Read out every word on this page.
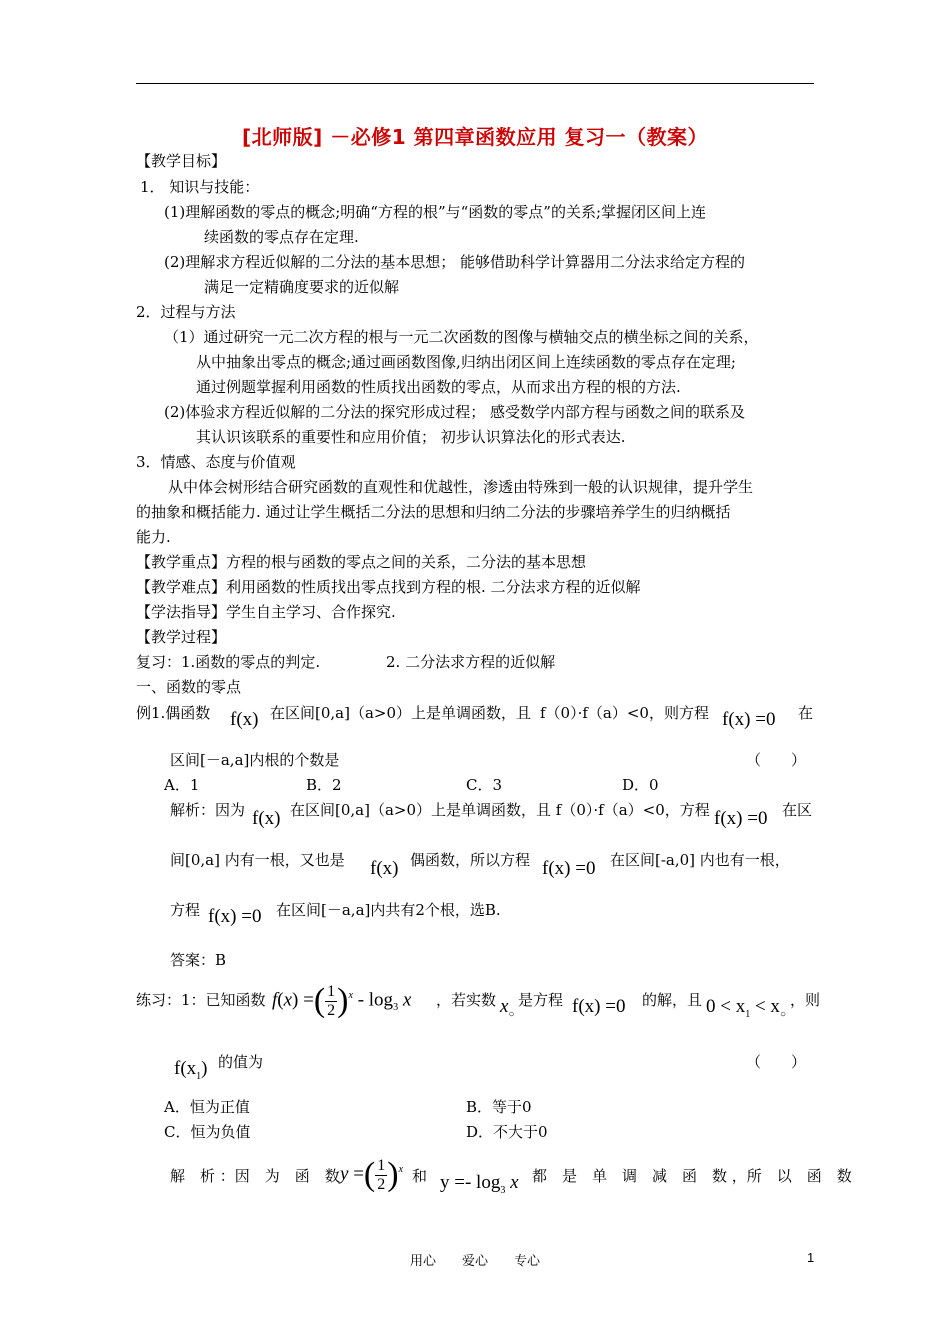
[北师版] －必修1 第四章函数应用 复习一（教案）
【教学目标】
1． 知识与技能：
(1)理解函数的零点的概念;明确“方程的根”与“函数的零点”的关系;掌握闭区间上连
续函数的零点存在定理.
(2)理解求方程近似解的二分法的基本思想； 能够借助科学计算器用二分法求给定方程的
满足一定精确度要求的近似解
2．过程与方法
（1）通过研究一元二次方程的根与一元二次函数的图像与横轴交点的横坐标之间的关系，
从中抽象出零点的概念;通过画函数图像,归纳出闭区间上连续函数的零点存在定理;
通过例题掌握利用函数的性质找出函数的零点，从而求出方程的根的方法.
(2)体验求方程近似解的二分法的探究形成过程； 感受数学内部方程与函数之间的联系及
其认识该联系的重要性和应用价值； 初步认识算法化的形式表达.
3．情感、态度与价值观
从中体会树形结合研究函数的直观性和优越性，渗透由特殊到一般的认识规律，提升学生
的抽象和概括能力. 通过让学生概括二分法的思想和归纳二分法的步骤培养学生的归纳概括
能力.
【教学重点】方程的根与函数的零点之间的关系，二分法的基本思想
【教学难点】利用函数的性质找出零点找到方程的根. 二分法求方程的近似解
【学法指导】学生自主学习、合作探究.
【教学过程】
复习：1.函数的零点的判定.	2. 二分法求方程的近似解
一、函数的零点
例1.偶函数 f(x) 在区间[0,a]（a>0）上是单调函数，且 f（0）·f（a）<0，则方程 f(x) =0 在
区间[－a,a]内根的个数是	（　　）
A．1	B．2	C．3	D．0
解析：因为 f(x) 在区间[0,a]（a>0）上是单调函数，且 f（0）·f（a）<0，方程 f(x) =0 在区
间[0,a] 内有一根，又也是 f(x) 偶函数，所以方程 f(x) =0 在区间[-a,0] 内也有一根，
方程 f(x) =0 在区间[－a,a]内共有2个根，选B.
答案：B
练习：1：已知函数 f(x) =( $\frac{1}{2} )^x - \log_3 x$ ，若实数 $x_○$
是方程 f(x) =0 的解，且 $0 < x_1 < x_○$
，则
$f(x_1)$ 的值为	（　　）
A．恒为正值	B．等于0
C．恒为负值	D．不大于0
解　析 ：因　为　函　数 y =( $\frac{1}{2} )^x$ 和 $y =- \log_3 x$ 都　是　单　调　减　函　数 ，所　以　函　数
用心　　爱心　　专心	1
